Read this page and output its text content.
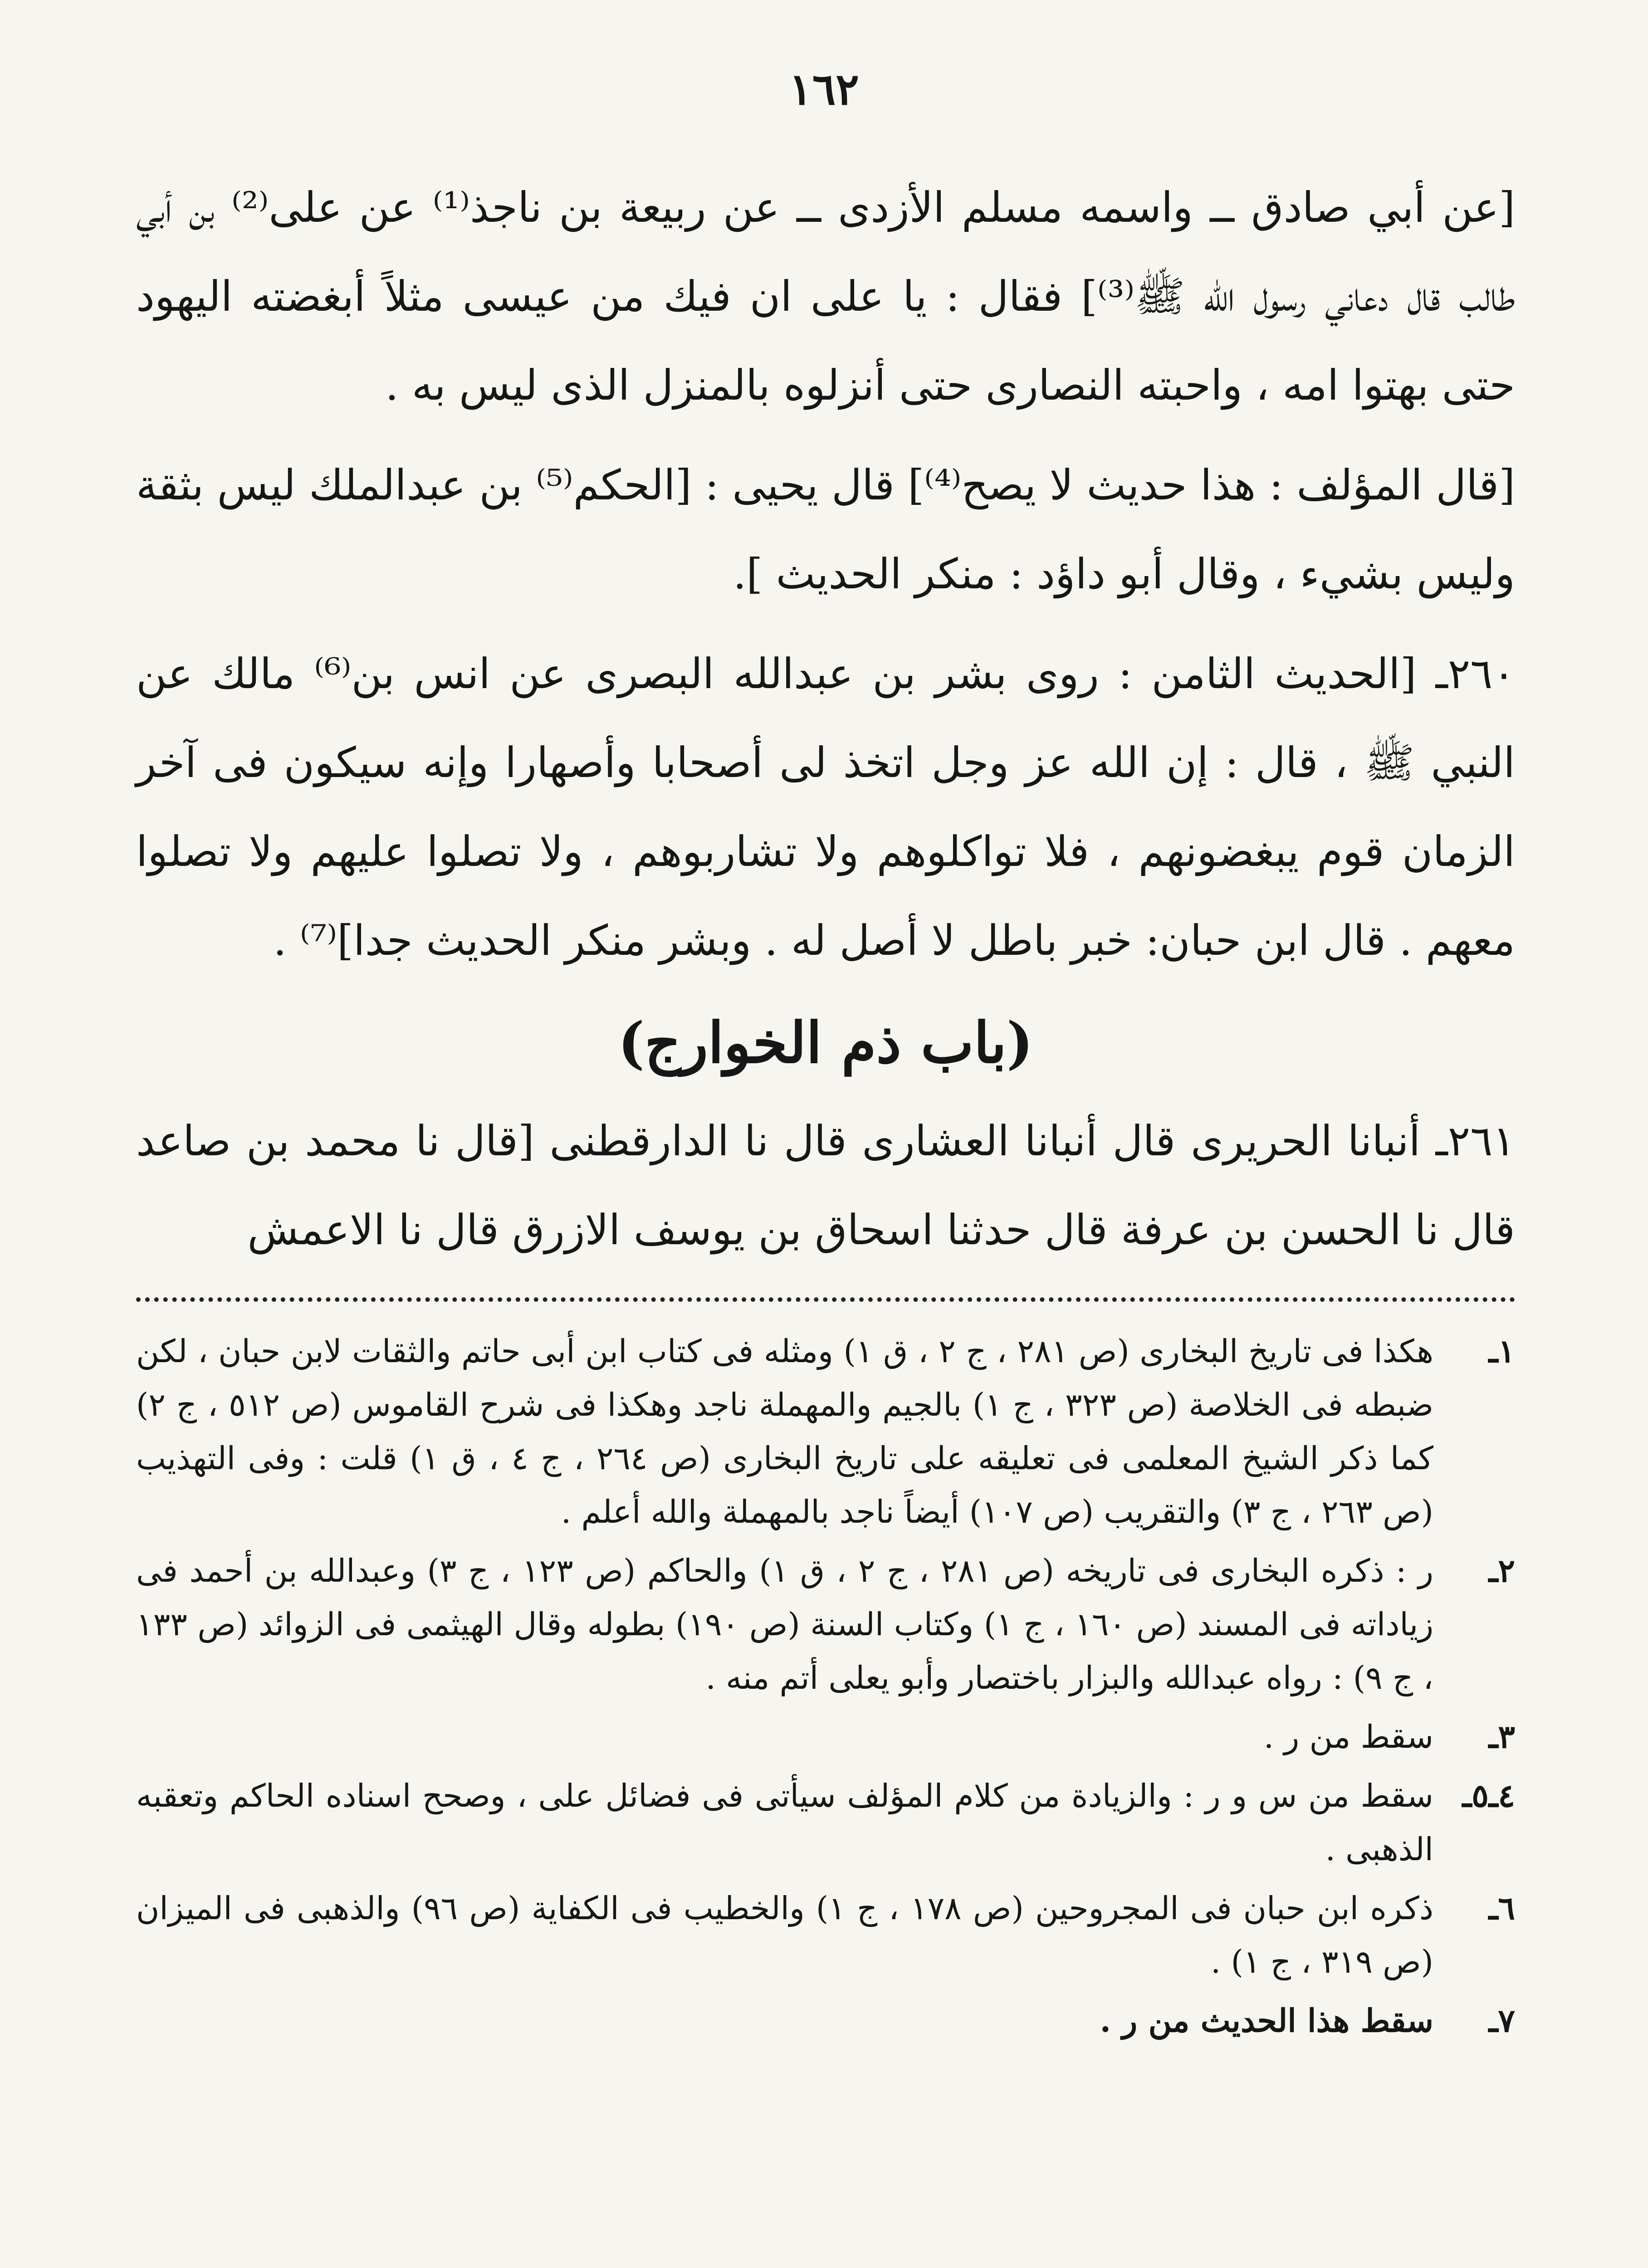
١٦٢

[عن أبي صادق ــ واسمه مسلم الأزدى ــ عن ربيعة بن ناجذ⁽¹⁾ عن على⁽²⁾ بن أبي طالب قال دعاني رسول الله ﷺ⁽³⁾] فقال : يا على ان فيك من عيسى مثلاً أبغضته اليهود حتى بهتوا امه ، واحبته النصارى حتى أنزلوه بالمنزل الذى ليس به .

[قال المؤلف : هذا حديث لا يصح⁽⁴⁾] قال يحيى : [الحكم⁽⁵⁾ بن عبدالملك ليس بثقة وليس بشيء ، وقال أبو داؤد : منكر الحديث ].

٢٦٠ـ [الحديث الثامن : روى بشر بن عبدالله البصرى عن انس بن⁽⁶⁾ مالك عن النبي ﷺ ، قال : إن الله عز وجل اتخذ لى أصحابا وأصهارا وإنه سيكون فى آخر الزمان قوم يبغضونهم ، فلا تواكلوهم ولا تشاربوهم ، ولا تصلوا عليهم ولا تصلوا معهم . قال ابن حبان: خبر باطل لا أصل له . وبشر منكر الحديث جدا]⁽⁷⁾ .

(باب ذم الخوارج)

٢٦١ـ أنبانا الحريرى قال أنبانا العشارى قال نا الدارقطنى [قال نا محمد بن صاعد قال نا الحسن بن عرفة قال حدثنا اسحاق بن يوسف الازرق قال نا الاعمش

١ـ
هكذا فى تاريخ البخارى (ص ٢٨١ ، ج ٢ ، ق ١) ومثله فى كتاب ابن أبى حاتم والثقات لابن حبان ، لكن ضبطه فى الخلاصة (ص ٣٢٣ ، ج ١) بالجيم والمهملة ناجد وهكذا فى شرح القاموس (ص ٥١٢ ، ج ٢) كما ذكر الشيخ المعلمى فى تعليقه على تاريخ البخارى (ص ٢٦٤ ، ج ٤ ، ق ١) قلت : وفى التهذيب (ص ٢٦٣ ، ج ٣) والتقريب (ص ١٠٧) أيضاً ناجد بالمهملة والله أعلم .
٢ـ
ر : ذكره البخارى فى تاريخه (ص ٢٨١ ، ج ٢ ، ق ١) والحاكم (ص ١٢٣ ، ج ٣) وعبدالله بن أحمد فى زياداته فى المسند (ص ١٦٠ ، ج ١) وكتاب السنة (ص ١٩٠) بطوله وقال الهيثمى فى الزوائد (ص ١٣٣ ، ج ٩) : رواه عبدالله والبزار باختصار وأبو يعلى أتم منه .
٣ـ
سقط من ر .
٤ـ٥ـ
سقط من س و ر : والزيادة من كلام المؤلف سيأتى فى فضائل على ، وصحح اسناده الحاكم وتعقبه الذهبى .
٦ـ
ذكره ابن حبان فى المجروحين (ص ١٧٨ ، ج ١) والخطيب فى الكفاية (ص ٩٦) والذهبى فى الميزان (ص ٣١٩ ، ج ١) .
٧ـ
سقط هذا الحديث من ر .
